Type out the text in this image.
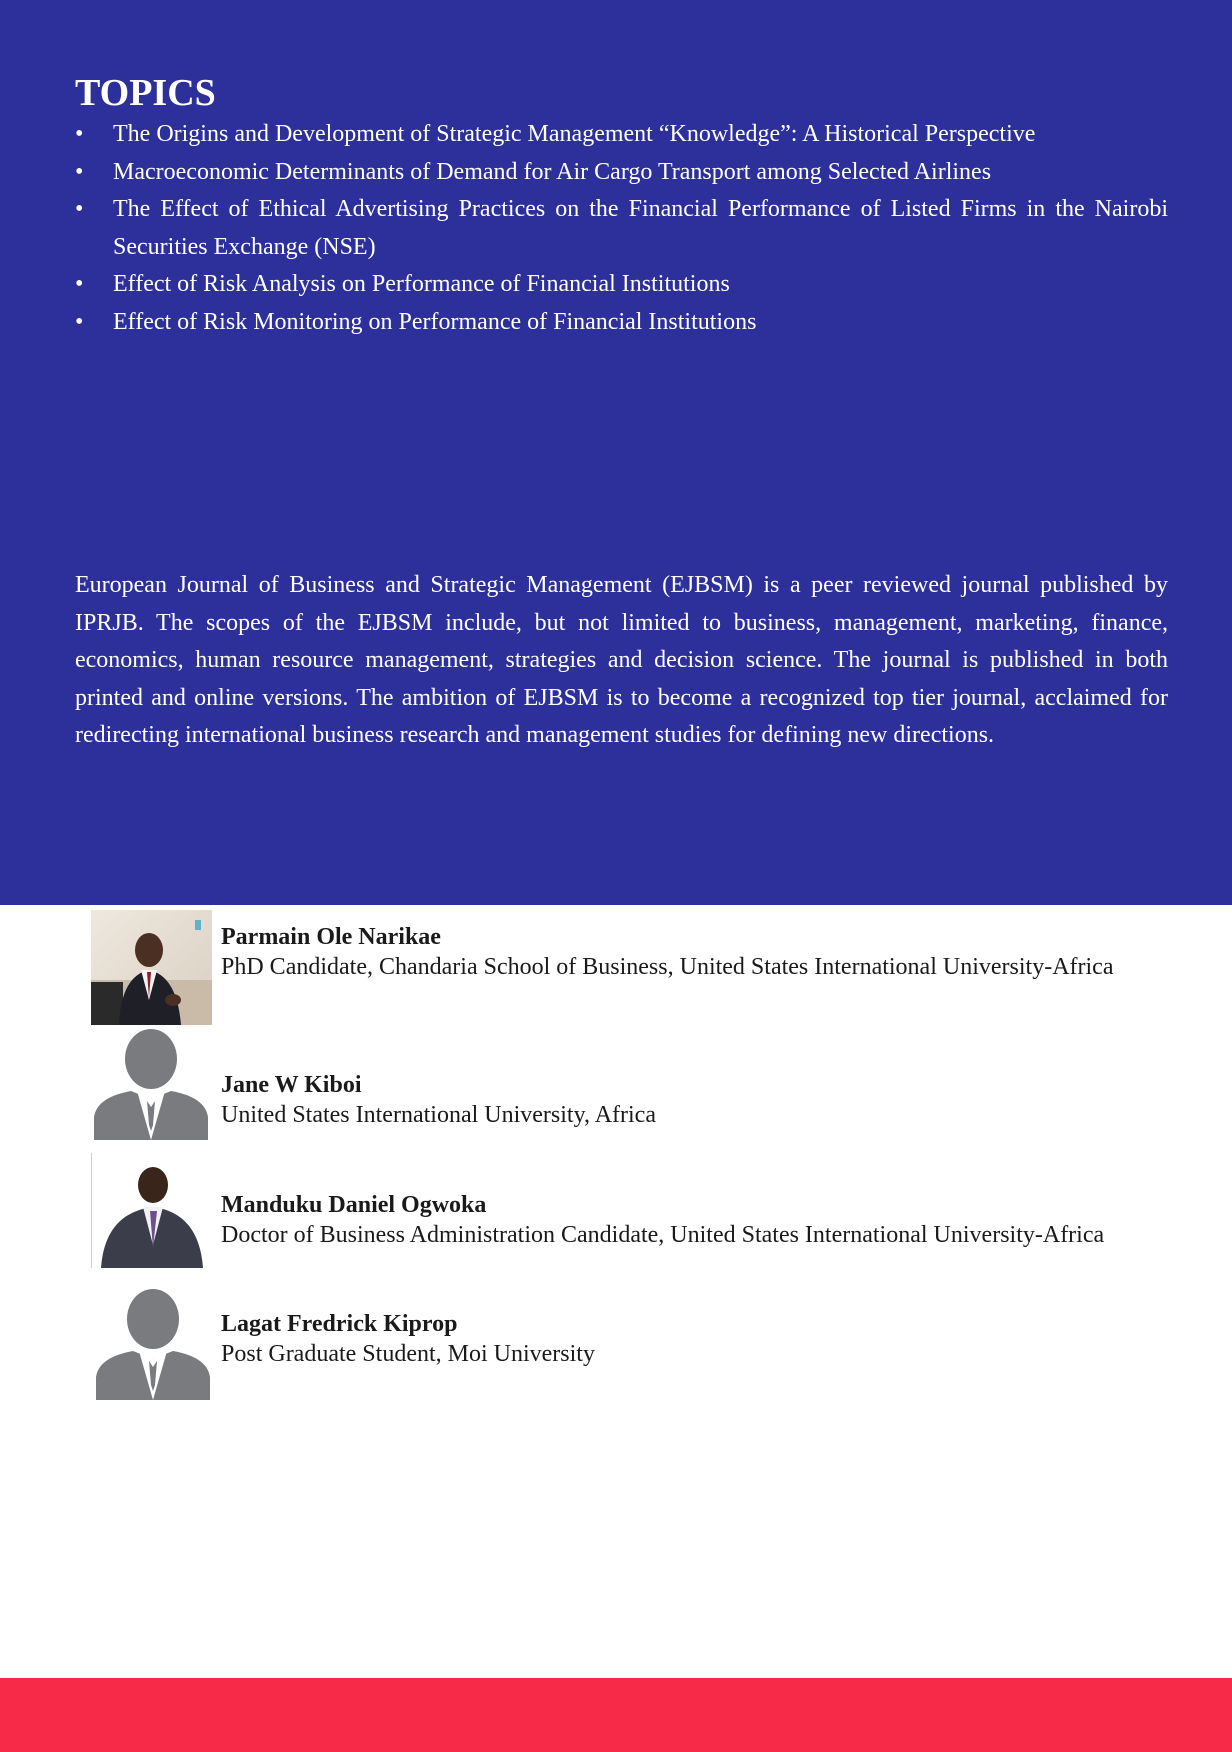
TOPICS
• The Origins and Development of Strategic Management “Knowledge”: A Historical Perspective
• Macroeconomic Determinants of Demand for Air Cargo Transport among Selected Airlines
• The Effect of Ethical Advertising Practices on the Financial Performance of Listed Firms in the Nairobi Securities Exchange (NSE)
• Effect of Risk Analysis on Performance of Financial Institutions
• Effect of Risk Monitoring on Performance of Financial Institutions

European Journal of Business and Strategic Management (EJBSM) is a peer reviewed journal published by IPRJB. The scopes of the EJBSM include, but not limited to business, management, marketing, finance, economics, human resource management, strategies and decision science. The journal is published in both printed and online versions. The ambition of EJBSM is to become a recognized top tier journal, acclaimed for redirecting international business research and management studies for defining new directions.

Parmain Ole Narikae
PhD Candidate, Chandaria School of Business, United States International University-Africa
Jane W Kiboi
United States International University, Africa
Manduku Daniel Ogwoka
Doctor of Business Administration Candidate, United States International University-Africa
Lagat Fredrick Kiprop
Post Graduate Student, Moi University
